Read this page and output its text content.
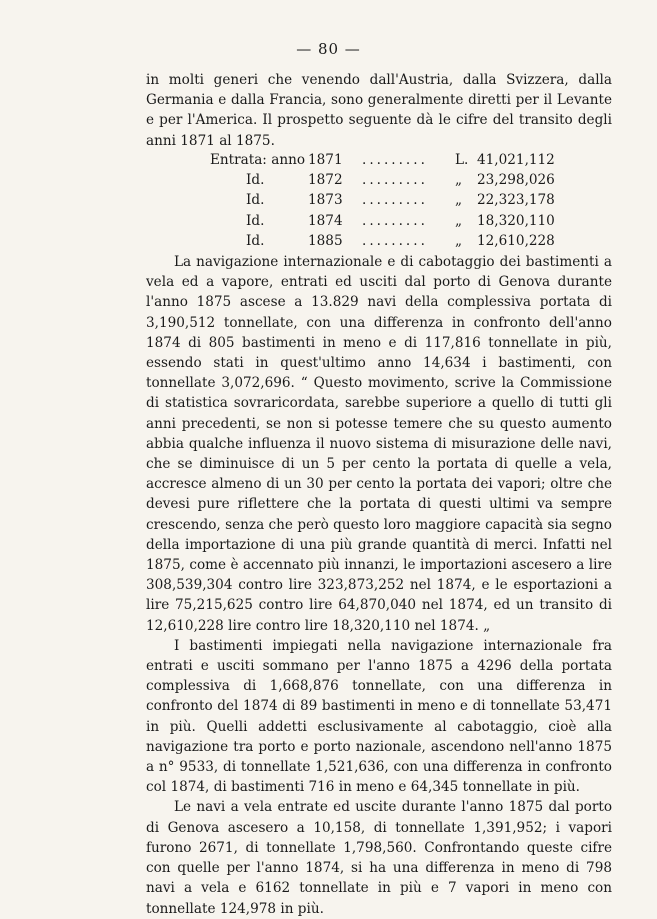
— 80 —

in molti generi che venendo dall'Austria, dalla Svizzera, dalla Germania e dalla Francia, sono generalmente diretti per il Levante e per l'America. Il prospetto seguente dà le cifre del transito degli anni 1871 al 1875.

Entrata: anno	1871	.........	L.	41,021,112
Id.	1872	.........	„	23,298,026
Id.	1873	.........	„	22,323,178
Id.	1874	.........	„	18,320,110
Id.	1885	.........	„	12,610,228

La navigazione internazionale e di cabotaggio dei bastimenti a vela ed a vapore, entrati ed usciti dal porto di Genova durante l'anno 1875 ascese a 13.829 navi della complessiva portata di 3,190,512 tonnellate, con una differenza in confronto dell'anno 1874 di 805 bastimenti in meno e di 117,816 tonnellate in più, essendo stati in quest'ultimo anno 14,634 i bastimenti, con tonnellate 3,072,696. “ Questo movimento, scrive la Commissione di statistica sovraricordata, sarebbe superiore a quello di tutti gli anni precedenti, se non si potesse temere che su questo aumento abbia qualche influenza il nuovo sistema di misurazione delle navi, che se diminuisce di un 5 per cento la portata di quelle a vela, accresce almeno di un 30 per cento la portata dei vapori; oltre che devesi pure riflettere che la portata di questi ultimi va sempre crescendo, senza che però questo loro maggiore capacità sia segno della importazione di una più grande quantità di merci. Infatti nel 1875, come è accennato più innanzi, le importazioni ascesero a lire 308,539,304 contro lire 323,873,252 nel 1874, e le esportazioni a lire 75,215,625 contro lire 64,870,040 nel 1874, ed un transito di 12,610,228 lire contro lire 18,320,110 nel 1874. „

I bastimenti impiegati nella navigazione internazionale fra entrati e usciti sommano per l'anno 1875 a 4296 della portata complessiva di 1,668,876 tonnellate, con una differenza in confronto del 1874 di 89 bastimenti in meno e di tonnellate 53,471 in più. Quelli addetti esclusivamente al cabotaggio, cioè alla navigazione tra porto e porto nazionale, ascendono nell'anno 1875 a n° 9533, di tonnellate 1,521,636, con una differenza in confronto col 1874, di bastimenti 716 in meno e 64,345 tonnellate in più.

Le navi a vela entrate ed uscite durante l'anno 1875 dal porto di Genova ascesero a 10,158, di tonnellate 1,391,952; i vapori furono 2671, di tonnellate 1,798,560. Confrontando queste cifre con quelle per l'anno 1874, si ha una differenza in meno di 798 navi a vela e 6162 tonnellate in più e 7 vapori in meno con tonnellate 124,978 in più.
